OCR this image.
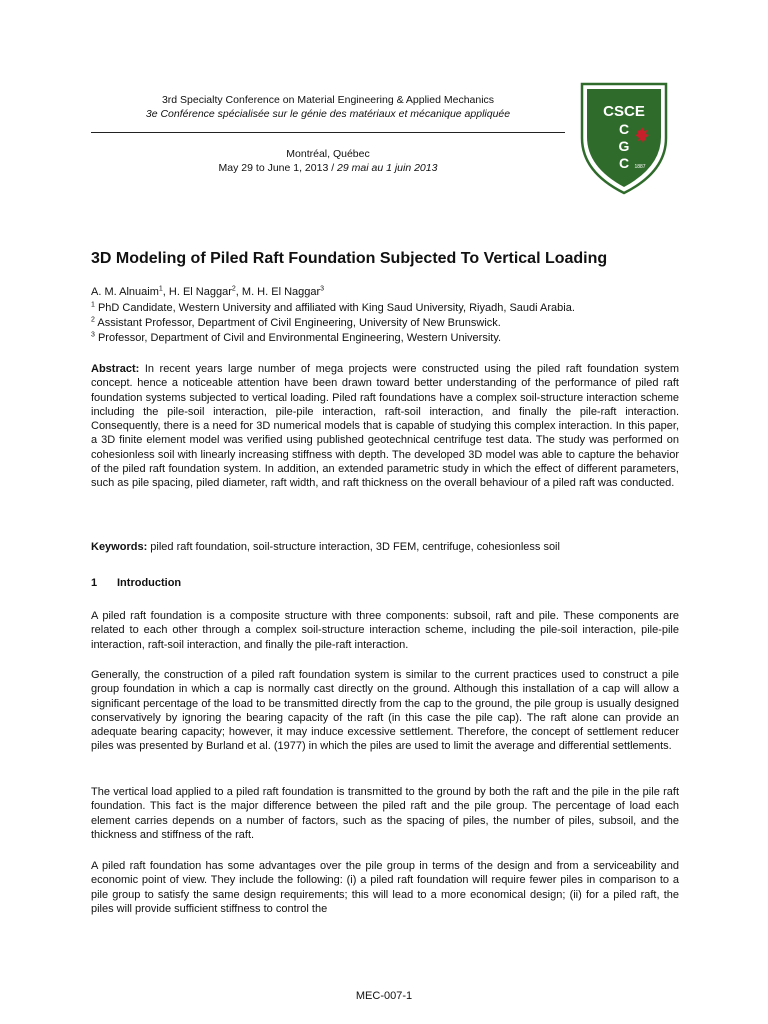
3rd Specialty Conference on Material Engineering & Applied Mechanics
3e Conférence spécialisée sur le génie des matériaux et mécanique appliquée
Montréal, Québec
May 29 to June 1, 2013 / 29 mai au 1 juin 2013
CSCE
C
G
C 1887
3D Modeling of Piled Raft Foundation Subjected To Vertical Loading
A. M. Alnuaim$^1$, H. El Naggar$^2$, M. H. El Naggar$^3$
$^1$ PhD Candidate, Western University and affiliated with King Saud University, Riyadh, Saudi Arabia.
$^2$ Assistant Professor, Department of Civil Engineering, University of New Brunswick.
$^3$ Professor, Department of Civil and Environmental Engineering, Western University.

Abstract: In recent years large number of mega projects were constructed using the piled raft foundation system concept. hence a noticeable attention have been drawn toward better understanding of the performance of piled raft foundation systems subjected to vertical loading. Piled raft foundations have a complex soil-structure interaction scheme including the pile-soil interaction, pile-pile interaction, raft-soil interaction, and finally the pile-raft interaction. Consequently, there is a need for 3D numerical models that is capable of studying this complex interaction. In this paper, a 3D finite element model was verified using published geotechnical centrifuge test data. The study was performed on cohesionless soil with linearly increasing stiffness with depth. The developed 3D model was able to capture the behavior of the piled raft foundation system. In addition, an extended parametric study in which the effect of different parameters, such as pile spacing, piled diameter, raft width, and raft thickness on the overall behaviour of a piled raft was conducted.

Keywords: piled raft foundation, soil-structure interaction, 3D FEM, centrifuge, cohesionless soil

1 Introduction

A piled raft foundation is a composite structure with three components: subsoil, raft and pile. These components are related to each other through a complex soil-structure interaction scheme, including the pile-soil interaction, pile-pile interaction, raft-soil interaction, and finally the pile-raft interaction.

Generally, the construction of a piled raft foundation system is similar to the current practices used to construct a pile group foundation in which a cap is normally cast directly on the ground. Although this installation of a cap will allow a significant percentage of the load to be transmitted directly from the cap to the ground, the pile group is usually designed conservatively by ignoring the bearing capacity of the raft (in this case the pile cap). The raft alone can provide an adequate bearing capacity; however, it may induce excessive settlement. Therefore, the concept of settlement reducer piles was presented by Burland et al. (1977) in which the piles are used to limit the average and differential settlements.

The vertical load applied to a piled raft foundation is transmitted to the ground by both the raft and the pile in the pile raft foundation. This fact is the major difference between the piled raft and the pile group. The percentage of load each element carries depends on a number of factors, such as the spacing of piles, the number of piles, subsoil, and the thickness and stiffness of the raft.

A piled raft foundation has some advantages over the pile group in terms of the design and from a serviceability and economic point of view. They include the following: (i) a piled raft foundation will require fewer piles in comparison to a pile group to satisfy the same design requirements; this will lead to a more economical design; (ii) for a piled raft, the piles will provide sufficient stiffness to control the

MEC-007-1
